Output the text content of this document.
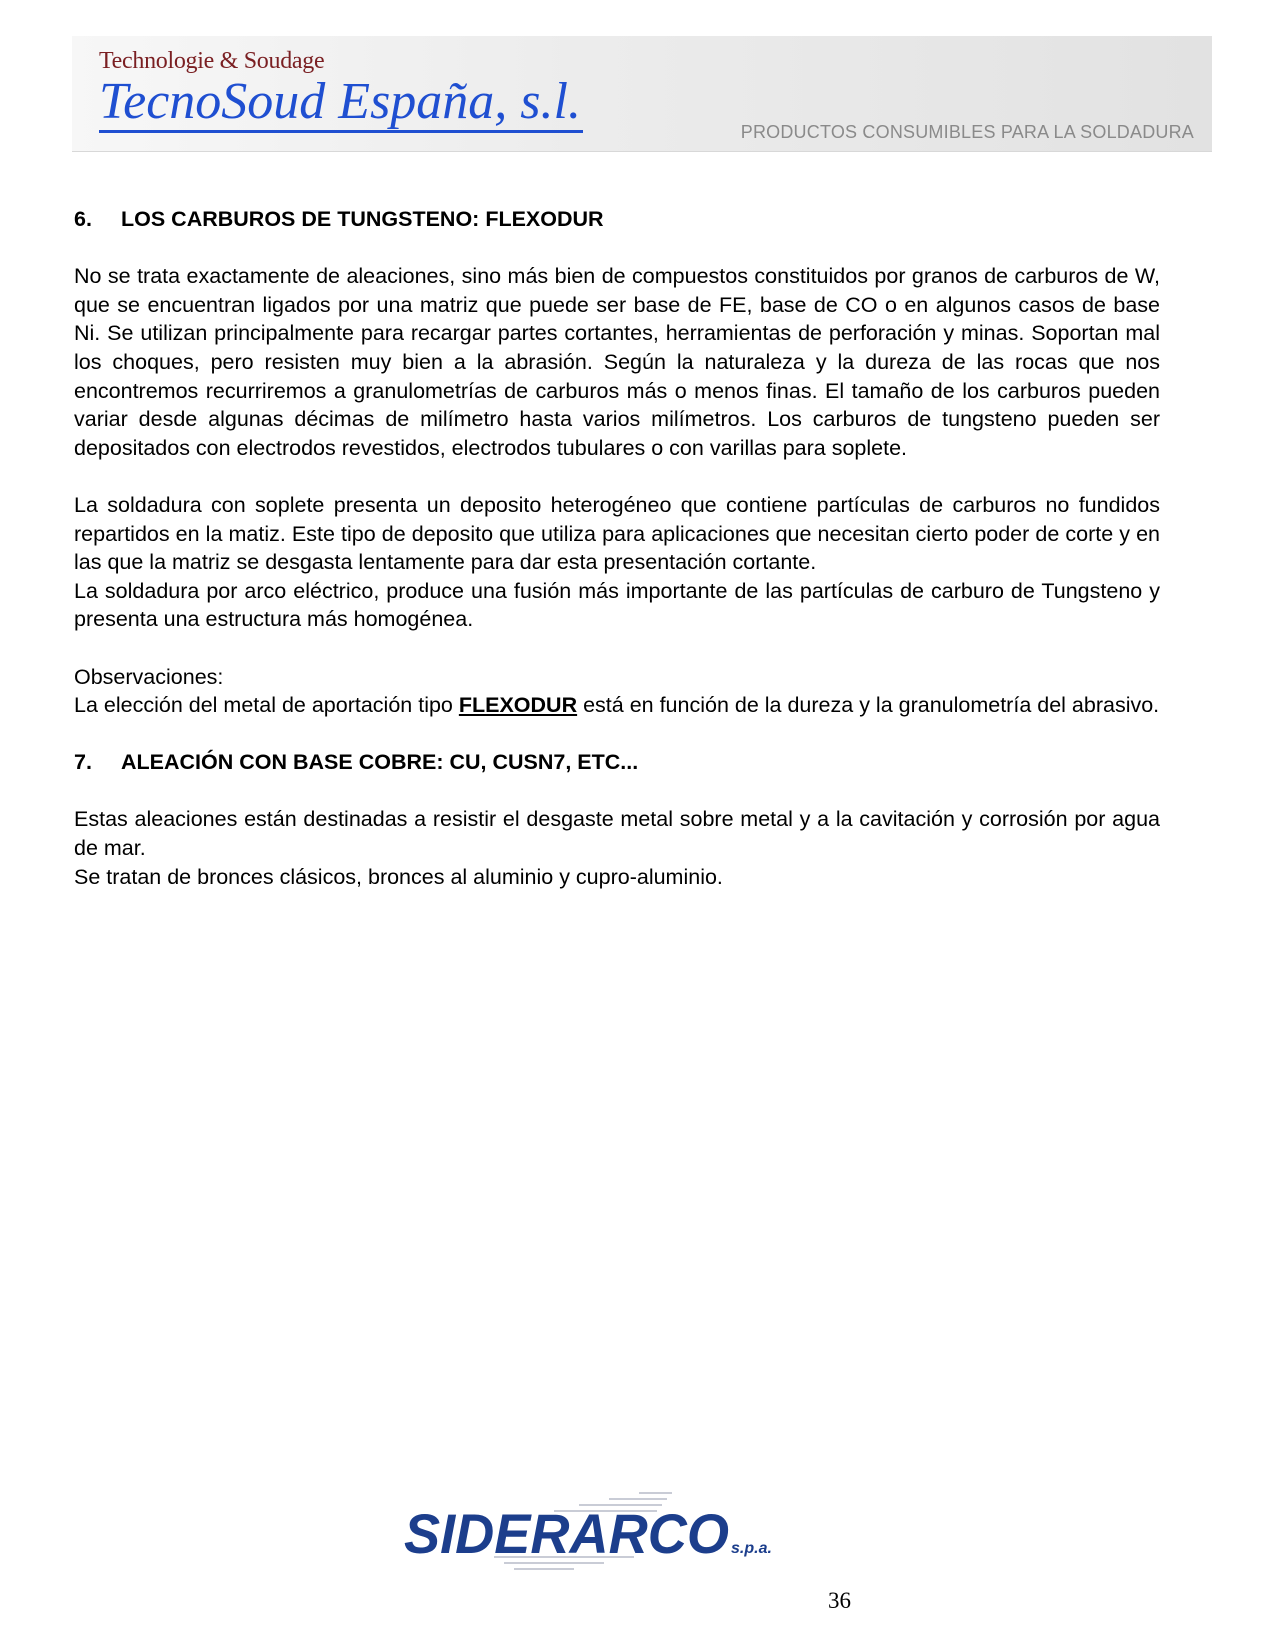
Technologie & Soudage
TecnoSoud España, s.l.
PRODUCTOS CONSUMIBLES PARA LA SOLDADURA
6.	LOS CARBUROS DE TUNGSTENO: FLEXODUR

No se trata exactamente de aleaciones, sino más bien de compuestos constituidos por granos de carburos de W, que se encuentran ligados por una matriz que puede ser base de FE, base de CO o en algunos casos de base Ni. Se utilizan principalmente para recargar partes cortantes, herramientas de perforación y minas. Soportan mal los choques, pero resisten muy bien a la abrasión. Según la naturaleza y la dureza de las rocas que nos encontremos recurriremos a granulometrías de carburos más o menos finas. El tamaño de los carburos pueden variar desde algunas décimas de milímetro hasta varios milímetros. Los carburos de tungsteno pueden ser depositados con electrodos revestidos, electrodos tubulares o con varillas para soplete.

La soldadura con soplete presenta un deposito heterogéneo que contiene partículas de carburos no fundidos repartidos en la matiz. Este tipo de deposito que utiliza para aplicaciones que necesitan cierto poder de corte y en las que la matriz se desgasta lentamente para dar esta presentación cortante.

La soldadura por arco eléctrico, produce una fusión más importante de las partículas de carburo de Tungsteno y presenta una estructura más homogénea.

Observaciones:

La elección del metal de aportación tipo FLEXODUR está en función de la dureza y la granulometría del abrasivo.

7.	ALEACIÓN CON BASE COBRE: CU, CUSN7, ETC...

Estas aleaciones están destinadas a resistir el desgaste metal sobre metal y a la cavitación y corrosión por agua de mar.

Se tratan de bronces clásicos, bronces al aluminio y cupro-aluminio.

SIDERARCO s.p.a.
36
